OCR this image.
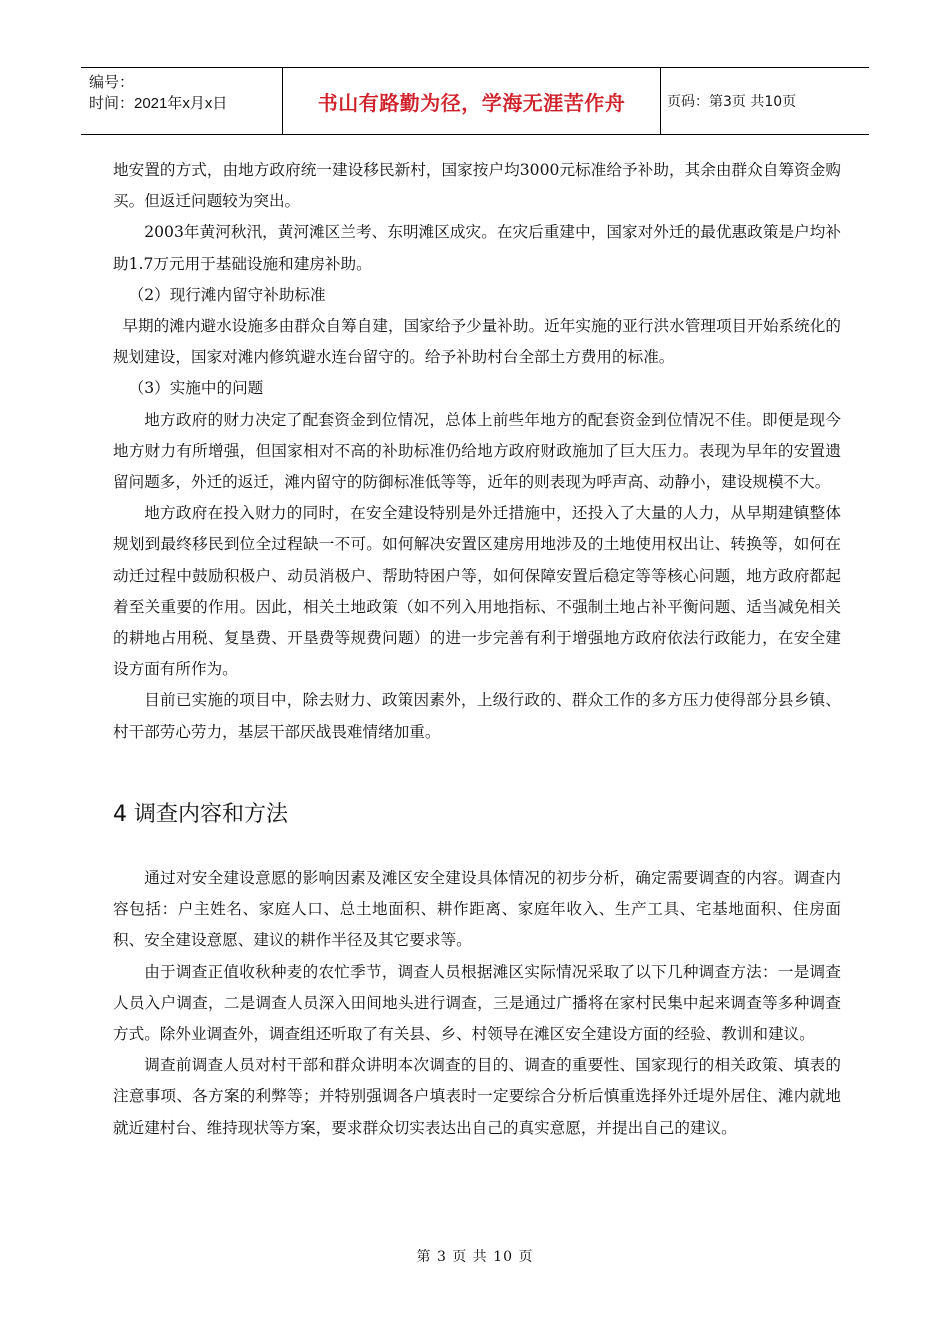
编号：
时间：2021年x月x日	书山有路勤为径，学海无涯苦作舟	页码：第3页 共10页

地安置的方式，由地方政府统一建设移民新村，国家按户均3000元标准给予补助，其余由群众自筹资金购买。但返迁问题较为突出。

2003年黄河秋汛，黄河滩区兰考、东明滩区成灾。在灾后重建中，国家对外迁的最优惠政策是户均补助1.7万元用于基础设施和建房补助。

（2）现行滩内留守补助标准

早期的滩内避水设施多由群众自筹自建，国家给予少量补助。近年实施的亚行洪水管理项目开始系统化的规划建设，国家对滩内修筑避水连台留守的。给予补助村台全部土方费用的标准。

（3）实施中的问题

地方政府的财力决定了配套资金到位情况，总体上前些年地方的配套资金到位情况不佳。即便是现今地方财力有所增强，但国家相对不高的补助标准仍给地方政府财政施加了巨大压力。表现为早年的安置遗留问题多，外迁的返迁，滩内留守的防御标准低等等，近年的则表现为呼声高、动静小，建设规模不大。

地方政府在投入财力的同时，在安全建设特别是外迁措施中，还投入了大量的人力，从早期建镇整体规划到最终移民到位全过程缺一不可。如何解决安置区建房用地涉及的土地使用权出让、转换等，如何在动迁过程中鼓励积极户、动员消极户、帮助特困户等，如何保障安置后稳定等等核心问题，地方政府都起着至关重要的作用。因此，相关土地政策（如不列入用地指标、不强制土地占补平衡问题、适当减免相关的耕地占用税、复垦费、开垦费等规费问题）的进一步完善有利于增强地方政府依法行政能力，在安全建设方面有所作为。

目前已实施的项目中，除去财力、政策因素外，上级行政的、群众工作的多方压力使得部分县乡镇、村干部劳心劳力，基层干部厌战畏难情绪加重。

4 调查内容和方法

通过对安全建设意愿的影响因素及滩区安全建设具体情况的初步分析，确定需要调查的内容。调查内容包括：户主姓名、家庭人口、总土地面积、耕作距离、家庭年收入、生产工具、宅基地面积、住房面积、安全建设意愿、建议的耕作半径及其它要求等。

由于调查正值收秋种麦的农忙季节，调查人员根据滩区实际情况采取了以下几种调查方法：一是调查人员入户调查，二是调查人员深入田间地头进行调查，三是通过广播将在家村民集中起来调查等多种调查方式。除外业调查外，调查组还听取了有关县、乡、村领导在滩区安全建设方面的经验、教训和建议。

调查前调查人员对村干部和群众讲明本次调查的目的、调查的重要性、国家现行的相关政策、填表的注意事项、各方案的利弊等；并特别强调各户填表时一定要综合分析后慎重选择外迁堤外居住、滩内就地就近建村台、维持现状等方案，要求群众切实表达出自己的真实意愿，并提出自己的建议。

第 3 页 共 10 页
